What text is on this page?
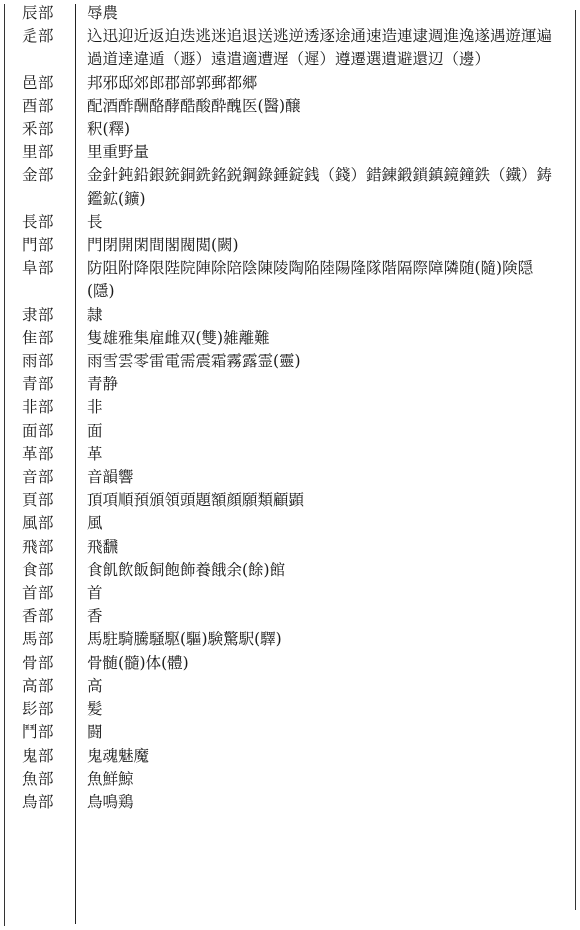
辰部	辱農
辵部	込迅迎近返迫迭逃迷追退送逃逆透逐途通速造連逮週進逸遂遇遊運遍過道達違遁（遯）遠遣適遭遅（遲）遵遷選遺避還辺（邊）
邑部	邦邪邸郊郎郡部郭郵都郷
酉部	配酒酢酬酪酵酷酸酔醜医(醫)醸
釆部	釈(釋)
里部	里重野量
金部	金針鈍鉛銀銃銅銑銘鋭鋼錄錘錠銭（錢）錯錬鍛鎖鎮鏡鐘鉄（鐵）鋳鑑鉱(鑛)
長部	長
門部	門閉開閑間閣閥閲(闕)
阜部	防阻附降限陛院陣除陪陰陳陵陶陥陸陽隆隊階隔際障隣随(隨)険隠(隱)
隶部	隷
隹部	隻雄雅集雇雌双(雙)雑離難
雨部	雨雪雲零雷電需震霜霧露霊(靈)
青部	青静
非部	非
面部	面
革部	革
音部	音韻響
頁部	頂項順預頒領頭題額顔願類顧顕
風部	風
飛部	飛飜
食部	食飢飲飯飼飽飾養餓余(餘)館
首部	首
香部	香
馬部	馬駐騎騰騒駆(驅)験驚駅(驛)
骨部	骨髄(髓)体(體)
高部	高
髟部	髪
鬥部	闘
鬼部	鬼魂魅魔
魚部	魚鮮鯨
鳥部	鳥鳴鶏
